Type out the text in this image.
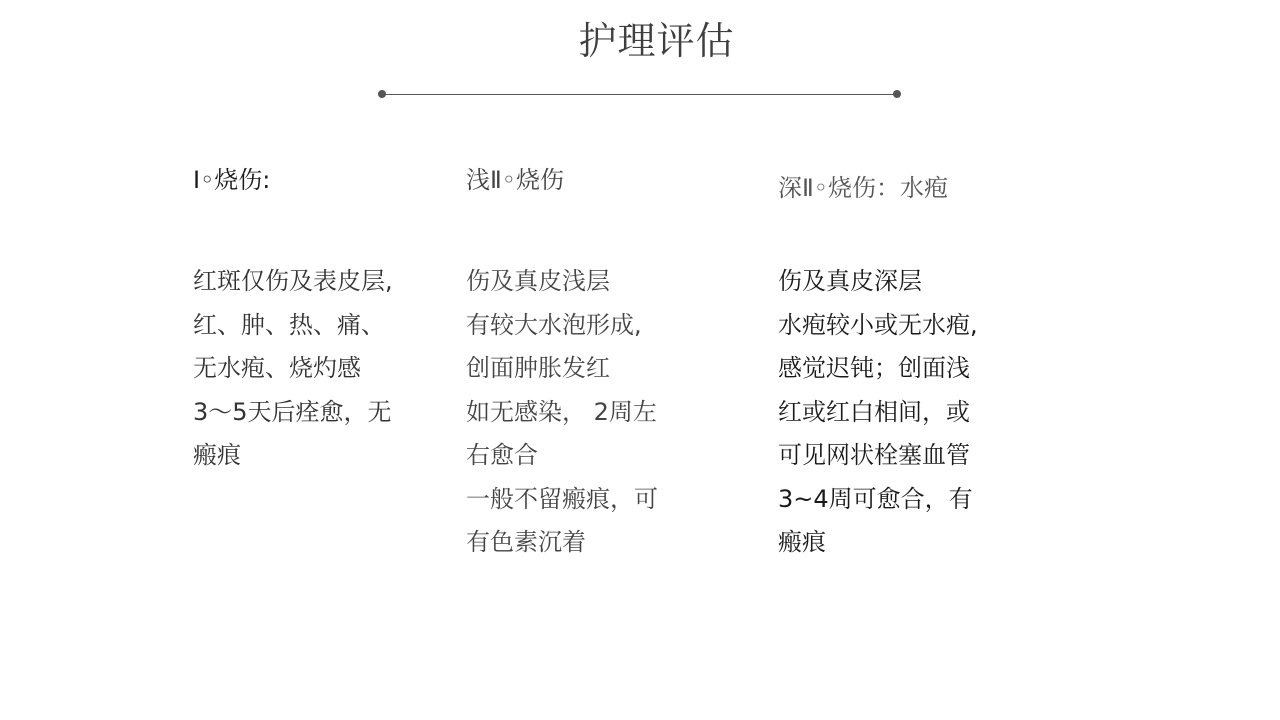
护理评估
I◦烧伤:
红斑仅伤及表皮层,
红、肿、热、痛、
无水疱、烧灼感
3～5天后痊愈，无
瘢痕
浅Ⅱ◦烧伤
伤及真皮浅层
有较大水泡形成,
创面肿胀发红
如无感染， 2周左
右愈合
一般不留瘢痕，可
有色素沉着
深Ⅱ◦烧伤：水疱
伤及真皮深层
水疱较小或无水疱,
感觉迟钝；创面浅
红或红白相间，或
可见网状栓塞血管
3~4周可愈合，有
瘢痕
